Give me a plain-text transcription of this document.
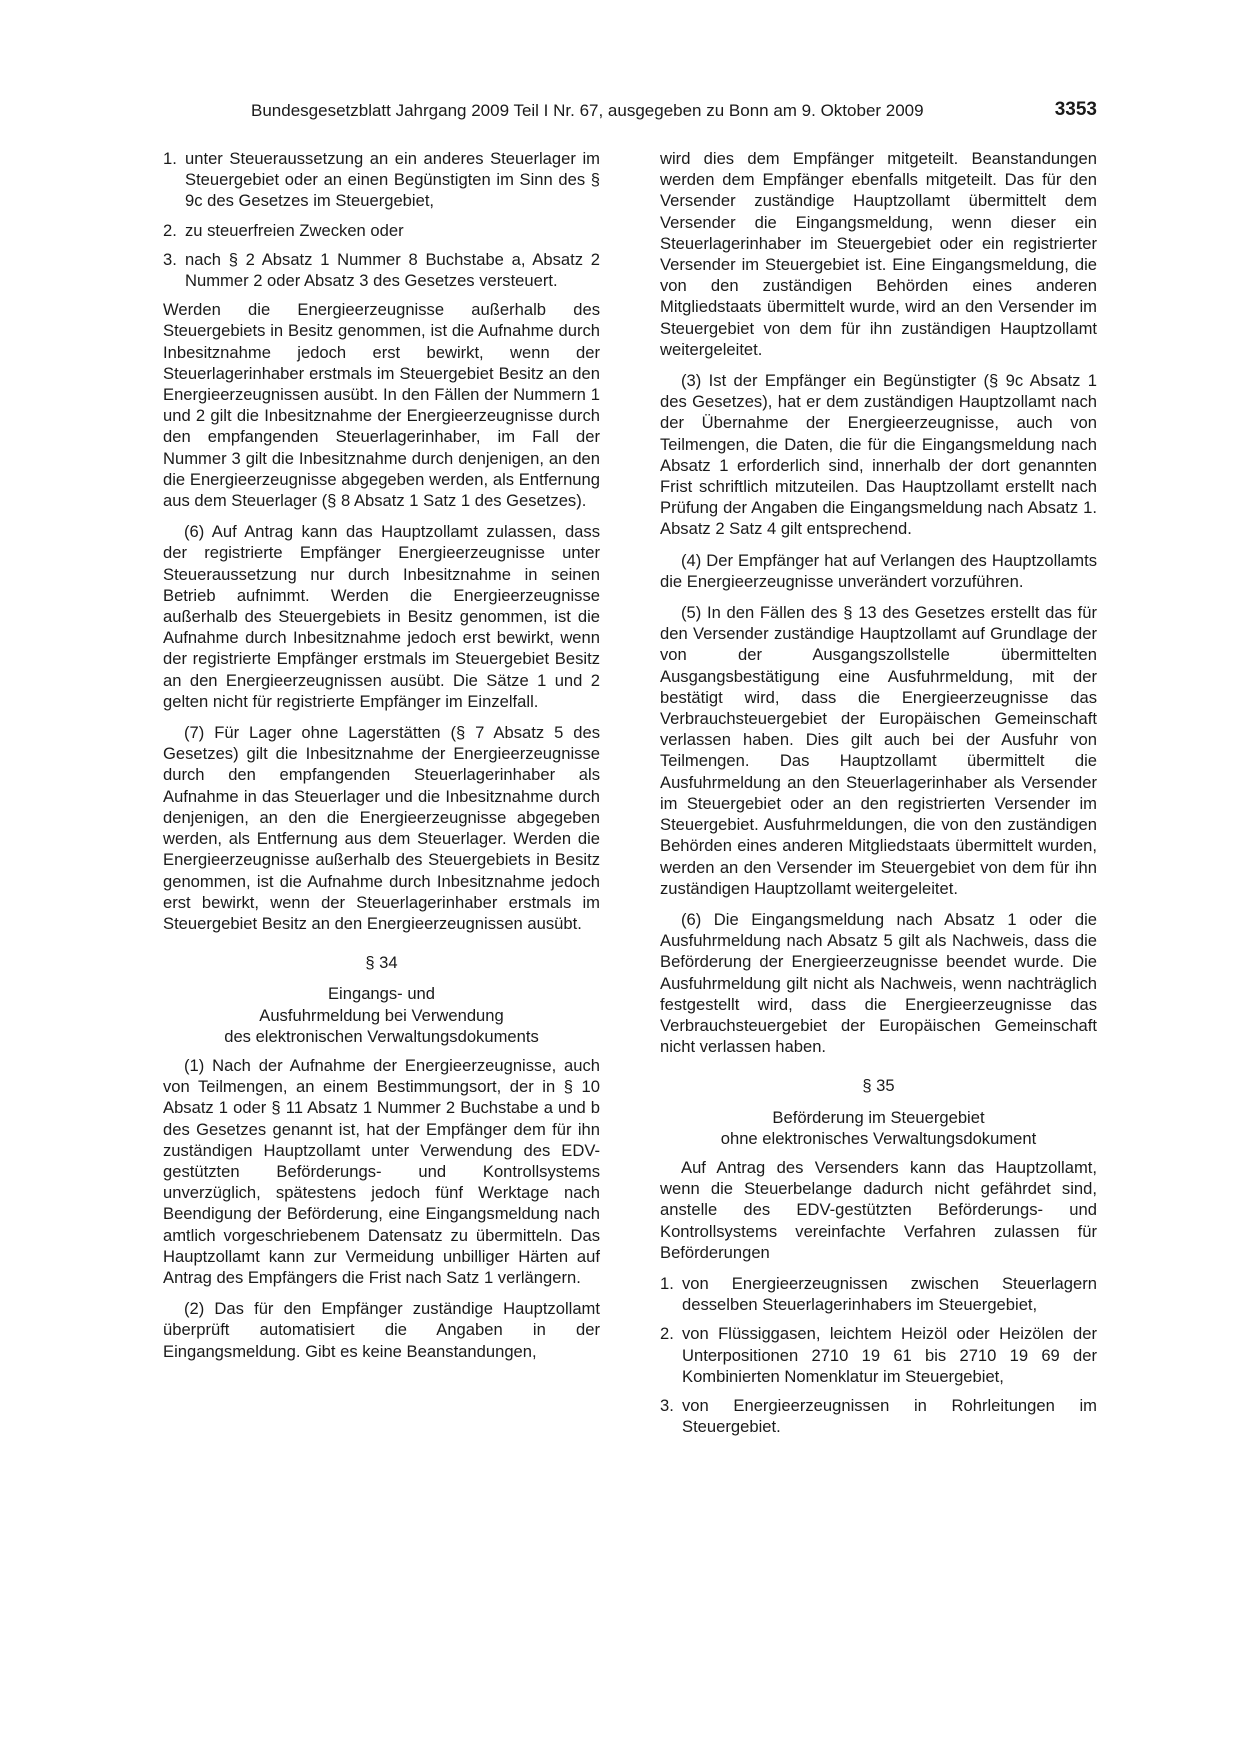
Bundesgesetzblatt Jahrgang 2009 Teil I Nr. 67, ausgegeben zu Bonn am 9. Oktober 2009	3353
1. unter Steueraussetzung an ein anderes Steuerlager im Steuergebiet oder an einen Begünstigten im Sinn des § 9c des Gesetzes im Steuergebiet,
2. zu steuerfreien Zwecken oder
3. nach § 2 Absatz 1 Nummer 8 Buchstabe a, Absatz 2 Nummer 2 oder Absatz 3 des Gesetzes versteuert.

Werden die Energieerzeugnisse außerhalb des Steuergebiets in Besitz genommen, ist die Aufnahme durch Inbesitznahme jedoch erst bewirkt, wenn der Steuerlagerinhaber erstmals im Steuergebiet Besitz an den Energieerzeugnissen ausübt. In den Fällen der Nummern 1 und 2 gilt die Inbesitznahme der Energieerzeugnisse durch den empfangenden Steuerlagerinhaber, im Fall der Nummer 3 gilt die Inbesitznahme durch denjenigen, an den die Energieerzeugnisse abgegeben werden, als Entfernung aus dem Steuerlager (§ 8 Absatz 1 Satz 1 des Gesetzes).

(6) Auf Antrag kann das Hauptzollamt zulassen, dass der registrierte Empfänger Energieerzeugnisse unter Steueraussetzung nur durch Inbesitznahme in seinen Betrieb aufnimmt. Werden die Energieerzeugnisse außerhalb des Steuergebiets in Besitz genommen, ist die Aufnahme durch Inbesitznahme jedoch erst bewirkt, wenn der registrierte Empfänger erstmals im Steuergebiet Besitz an den Energieerzeugnissen ausübt. Die Sätze 1 und 2 gelten nicht für registrierte Empfänger im Einzelfall.

(7) Für Lager ohne Lagerstätten (§ 7 Absatz 5 des Gesetzes) gilt die Inbesitznahme der Energieerzeugnisse durch den empfangenden Steuerlagerinhaber als Aufnahme in das Steuerlager und die Inbesitznahme durch denjenigen, an den die Energieerzeugnisse abgegeben werden, als Entfernung aus dem Steuerlager. Werden die Energieerzeugnisse außerhalb des Steuergebiets in Besitz genommen, ist die Aufnahme durch Inbesitznahme jedoch erst bewirkt, wenn der Steuerlagerinhaber erstmals im Steuergebiet Besitz an den Energieerzeugnissen ausübt.

§ 34
Eingangs- und
Ausfuhrmeldung bei Verwendung
des elektronischen Verwaltungsdokuments

(1) Nach der Aufnahme der Energieerzeugnisse, auch von Teilmengen, an einem Bestimmungsort, der in § 10 Absatz 1 oder § 11 Absatz 1 Nummer 2 Buchstabe a und b des Gesetzes genannt ist, hat der Empfänger dem für ihn zuständigen Hauptzollamt unter Verwendung des EDV-gestützten Beförderungs- und Kontrollsystems unverzüglich, spätestens jedoch fünf Werktage nach Beendigung der Beförderung, eine Eingangsmeldung nach amtlich vorgeschriebenem Datensatz zu übermitteln. Das Hauptzollamt kann zur Vermeidung unbilliger Härten auf Antrag des Empfängers die Frist nach Satz 1 verlängern.

(2) Das für den Empfänger zuständige Hauptzollamt überprüft automatisiert die Angaben in der Eingangsmeldung. Gibt es keine Beanstandungen,

wird dies dem Empfänger mitgeteilt. Beanstandungen werden dem Empfänger ebenfalls mitgeteilt. Das für den Versender zuständige Hauptzollamt übermittelt dem Versender die Eingangsmeldung, wenn dieser ein Steuerlagerinhaber im Steuergebiet oder ein registrierter Versender im Steuergebiet ist. Eine Eingangsmeldung, die von den zuständigen Behörden eines anderen Mitgliedstaats übermittelt wurde, wird an den Versender im Steuergebiet von dem für ihn zuständigen Hauptzollamt weitergeleitet.

(3) Ist der Empfänger ein Begünstigter (§ 9c Absatz 1 des Gesetzes), hat er dem zuständigen Hauptzollamt nach der Übernahme der Energieerzeugnisse, auch von Teilmengen, die Daten, die für die Eingangsmeldung nach Absatz 1 erforderlich sind, innerhalb der dort genannten Frist schriftlich mitzuteilen. Das Hauptzollamt erstellt nach Prüfung der Angaben die Eingangsmeldung nach Absatz 1. Absatz 2 Satz 4 gilt entsprechend.

(4) Der Empfänger hat auf Verlangen des Hauptzollamts die Energieerzeugnisse unverändert vorzuführen.

(5) In den Fällen des § 13 des Gesetzes erstellt das für den Versender zuständige Hauptzollamt auf Grundlage der von der Ausgangszollstelle übermittelten Ausgangsbestätigung eine Ausfuhrmeldung, mit der bestätigt wird, dass die Energieerzeugnisse das Verbrauchsteuergebiet der Europäischen Gemeinschaft verlassen haben. Dies gilt auch bei der Ausfuhr von Teilmengen. Das Hauptzollamt übermittelt die Ausfuhrmeldung an den Steuerlagerinhaber als Versender im Steuergebiet oder an den registrierten Versender im Steuergebiet. Ausfuhrmeldungen, die von den zuständigen Behörden eines anderen Mitgliedstaats übermittelt wurden, werden an den Versender im Steuergebiet von dem für ihn zuständigen Hauptzollamt weitergeleitet.

(6) Die Eingangsmeldung nach Absatz 1 oder die Ausfuhrmeldung nach Absatz 5 gilt als Nachweis, dass die Beförderung der Energieerzeugnisse beendet wurde. Die Ausfuhrmeldung gilt nicht als Nachweis, wenn nachträglich festgestellt wird, dass die Energieerzeugnisse das Verbrauchsteuergebiet der Europäischen Gemeinschaft nicht verlassen haben.

§ 35
Beförderung im Steuergebiet
ohne elektronisches Verwaltungsdokument

Auf Antrag des Versenders kann das Hauptzollamt, wenn die Steuerbelange dadurch nicht gefährdet sind, anstelle des EDV-gestützten Beförderungs- und Kontrollsystems vereinfachte Verfahren zulassen für Beförderungen

1. von Energieerzeugnissen zwischen Steuerlagern desselben Steuerlagerinhabers im Steuergebiet,
2. von Flüssiggasen, leichtem Heizöl oder Heizölen der Unterpositionen 2710 19 61 bis 2710 19 69 der Kombinierten Nomenklatur im Steuergebiet,
3. von Energieerzeugnissen in Rohrleitungen im Steuergebiet.
